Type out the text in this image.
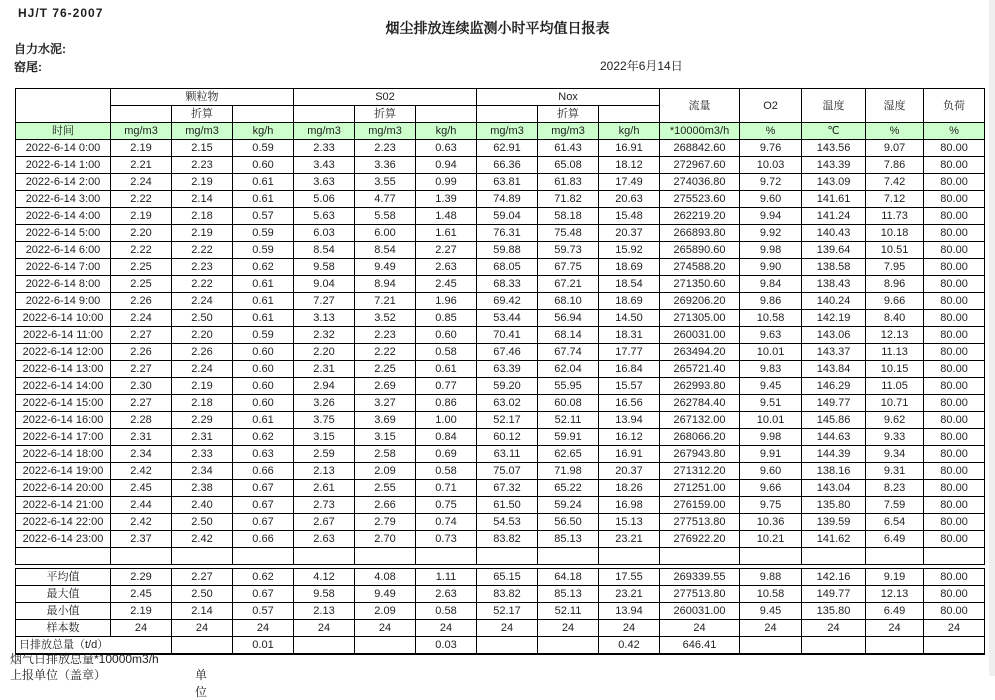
HJ/T 76-2007
烟尘排放连续监测小时平均值日报表
自力水泥:
窑尾:	2022年6月14日
	颗粒物			S02			Nox			流量	O2	温度	湿度	负荷
		折算			折算			折算						
时间	mg/m3	mg/m3	kg/h	mg/m3	mg/m3	kg/h	mg/m3	mg/m3	kg/h	*10000m3/h	%	℃	%	%
2022-6-14 0:00	2.19	2.15	0.59	2.33	2.23	0.63	62.91	61.43	16.91	268842.60	9.76	143.56	9.07	80.00
2022-6-14 1:00	2.21	2.23	0.60	3.43	3.36	0.94	66.36	65.08	18.12	272967.60	10.03	143.39	7.86	80.00
2022-6-14 2:00	2.24	2.19	0.61	3.63	3.55	0.99	63.81	61.83	17.49	274036.80	9.72	143.09	7.42	80.00
2022-6-14 3:00	2.22	2.14	0.61	5.06	4.77	1.39	74.89	71.82	20.63	275523.60	9.60	141.61	7.12	80.00
2022-6-14 4:00	2.19	2.18	0.57	5.63	5.58	1.48	59.04	58.18	15.48	262219.20	9.94	141.24	11.73	80.00
2022-6-14 5:00	2.20	2.19	0.59	6.03	6.00	1.61	76.31	75.48	20.37	266893.80	9.92	140.43	10.18	80.00
2022-6-14 6:00	2.22	2.22	0.59	8.54	8.54	2.27	59.88	59.73	15.92	265890.60	9.98	139.64	10.51	80.00
2022-6-14 7:00	2.25	2.23	0.62	9.58	9.49	2.63	68.05	67.75	18.69	274588.20	9.90	138.58	7.95	80.00
2022-6-14 8:00	2.25	2.22	0.61	9.04	8.94	2.45	68.33	67.21	18.54	271350.60	9.84	138.43	8.96	80.00
2022-6-14 9:00	2.26	2.24	0.61	7.27	7.21	1.96	69.42	68.10	18.69	269206.20	9.86	140.24	9.66	80.00
2022-6-14 10:00	2.24	2.50	0.61	3.13	3.52	0.85	53.44	56.94	14.50	271305.00	10.58	142.19	8.40	80.00
2022-6-14 11:00	2.27	2.20	0.59	2.32	2.23	0.60	70.41	68.14	18.31	260031.00	9.63	143.06	12.13	80.00
2022-6-14 12:00	2.26	2.26	0.60	2.20	2.22	0.58	67.46	67.74	17.77	263494.20	10.01	143.37	11.13	80.00
2022-6-14 13:00	2.27	2.24	0.60	2.31	2.25	0.61	63.39	62.04	16.84	265721.40	9.83	143.84	10.15	80.00
2022-6-14 14:00	2.30	2.19	0.60	2.94	2.69	0.77	59.20	55.95	15.57	262993.80	9.45	146.29	11.05	80.00
2022-6-14 15:00	2.27	2.18	0.60	3.26	3.27	0.86	63.02	60.08	16.56	262784.40	9.51	149.77	10.71	80.00
2022-6-14 16:00	2.28	2.29	0.61	3.75	3.69	1.00	52.17	52.11	13.94	267132.00	10.01	145.86	9.62	80.00
2022-6-14 17:00	2.31	2.31	0.62	3.15	3.15	0.84	60.12	59.91	16.12	268066.20	9.98	144.63	9.33	80.00
2022-6-14 18:00	2.34	2.33	0.63	2.59	2.58	0.69	63.11	62.65	16.91	267943.80	9.91	144.39	9.34	80.00
2022-6-14 19:00	2.42	2.34	0.66	2.13	2.09	0.58	75.07	71.98	20.37	271312.20	9.60	138.16	9.31	80.00
2022-6-14 20:00	2.45	2.38	0.67	2.61	2.55	0.71	67.32	65.22	18.26	271251.00	9.66	143.04	8.23	80.00
2022-6-14 21:00	2.44	2.40	0.67	2.73	2.66	0.75	61.50	59.24	16.98	276159.00	9.75	135.80	7.59	80.00
2022-6-14 22:00	2.42	2.50	0.67	2.67	2.79	0.74	54.53	56.50	15.13	277513.80	10.36	139.59	6.54	80.00
2022-6-14 23:00	2.37	2.42	0.66	2.63	2.70	0.73	83.82	85.13	23.21	276922.20	10.21	141.62	6.49	80.00

平均值	2.29	2.27	0.62	4.12	4.08	1.11	65.15	64.18	17.55	269339.55	9.88	142.16	9.19	80.00
最大值	2.45	2.50	0.67	9.58	9.49	2.63	83.82	85.13	23.21	277513.80	10.58	149.77	12.13	80.00
最小值	2.19	2.14	0.57	2.13	2.09	0.58	52.17	52.11	13.94	260031.00	9.45	135.80	6.49	80.00
样本数	24	24	24	24	24	24	24	24	24	24	24	24	24	24
日排放总量（t/d）			0.01			0.03			0.42	646.41				
烟气日排放总量*10000m3/h
上报单位（盖章）	单位
